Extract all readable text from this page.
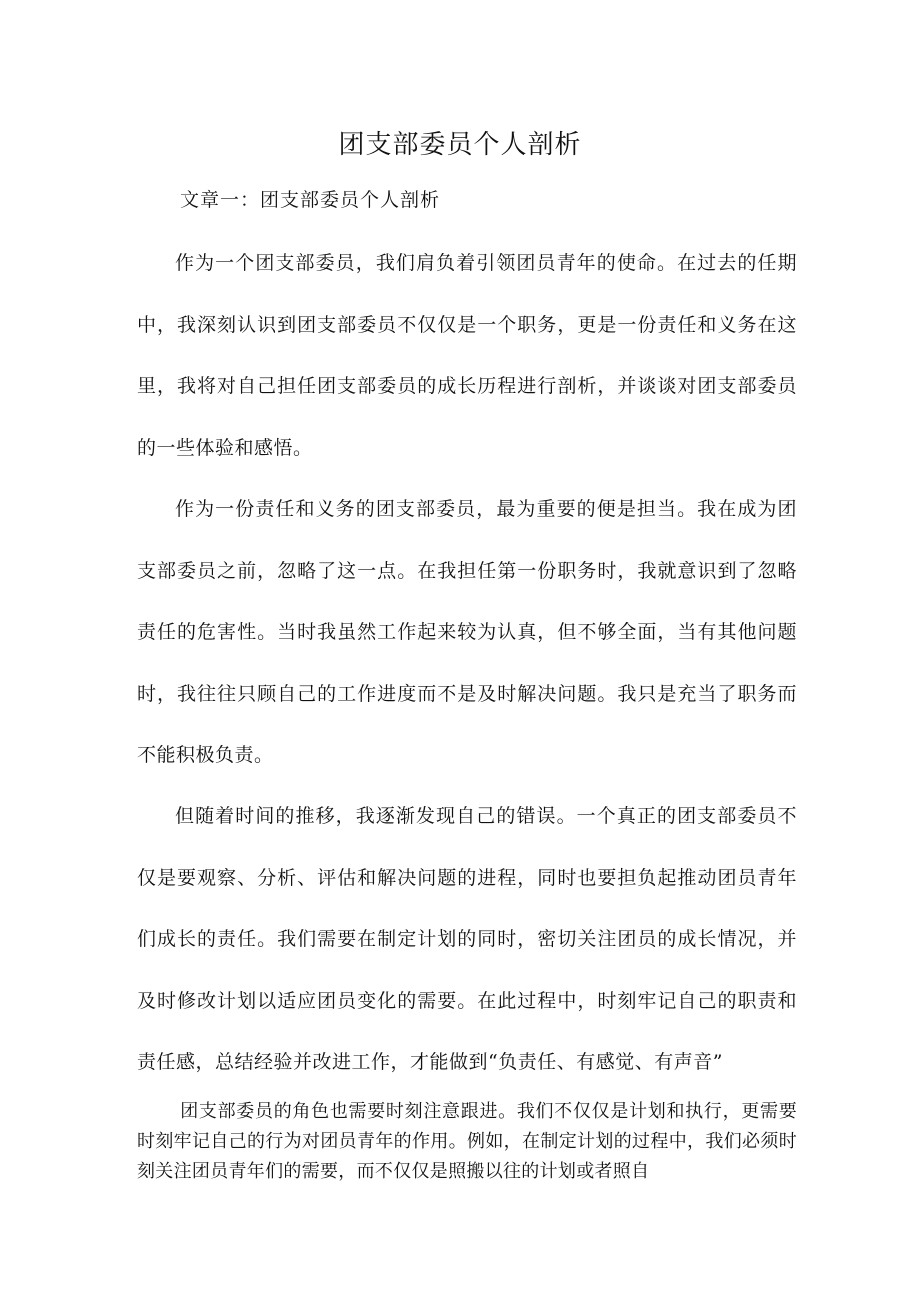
团支部委员个人剖析
文章一：团支部委员个人剖析

作为一个团支部委员，我们肩负着引领团员青年的使命。在过去的任期中，我深刻认识到团支部委员不仅仅是一个职务，更是一份责任和义务在这里，我将对自己担任团支部委员的成长历程进行剖析，并谈谈对团支部委员的一些体验和感悟。

作为一份责任和义务的团支部委员，最为重要的便是担当。我在成为团支部委员之前，忽略了这一点。在我担任第一份职务时，我就意识到了忽略责任的危害性。当时我虽然工作起来较为认真，但不够全面，当有其他问题时，我往往只顾自己的工作进度而不是及时解决问题。我只是充当了职务而不能积极负责。

但随着时间的推移，我逐渐发现自己的错误。一个真正的团支部委员不仅是要观察、分析、评估和解决问题的进程，同时也要担负起推动团员青年们成长的责任。我们需要在制定计划的同时，密切关注团员的成长情况，并及时修改计划以适应团员变化的需要。在此过程中，时刻牢记自己的职责和责任感，总结经验并改进工作，才能做到“负责任、有感觉、有声音”

团支部委员的角色也需要时刻注意跟进。我们不仅仅是计划和执行，更需要时刻牢记自己的行为对团员青年的作用。例如，在制定计划的过程中，我们必须时刻关注团员青年们的需要，而不仅仅是照搬以往的计划或者照自
